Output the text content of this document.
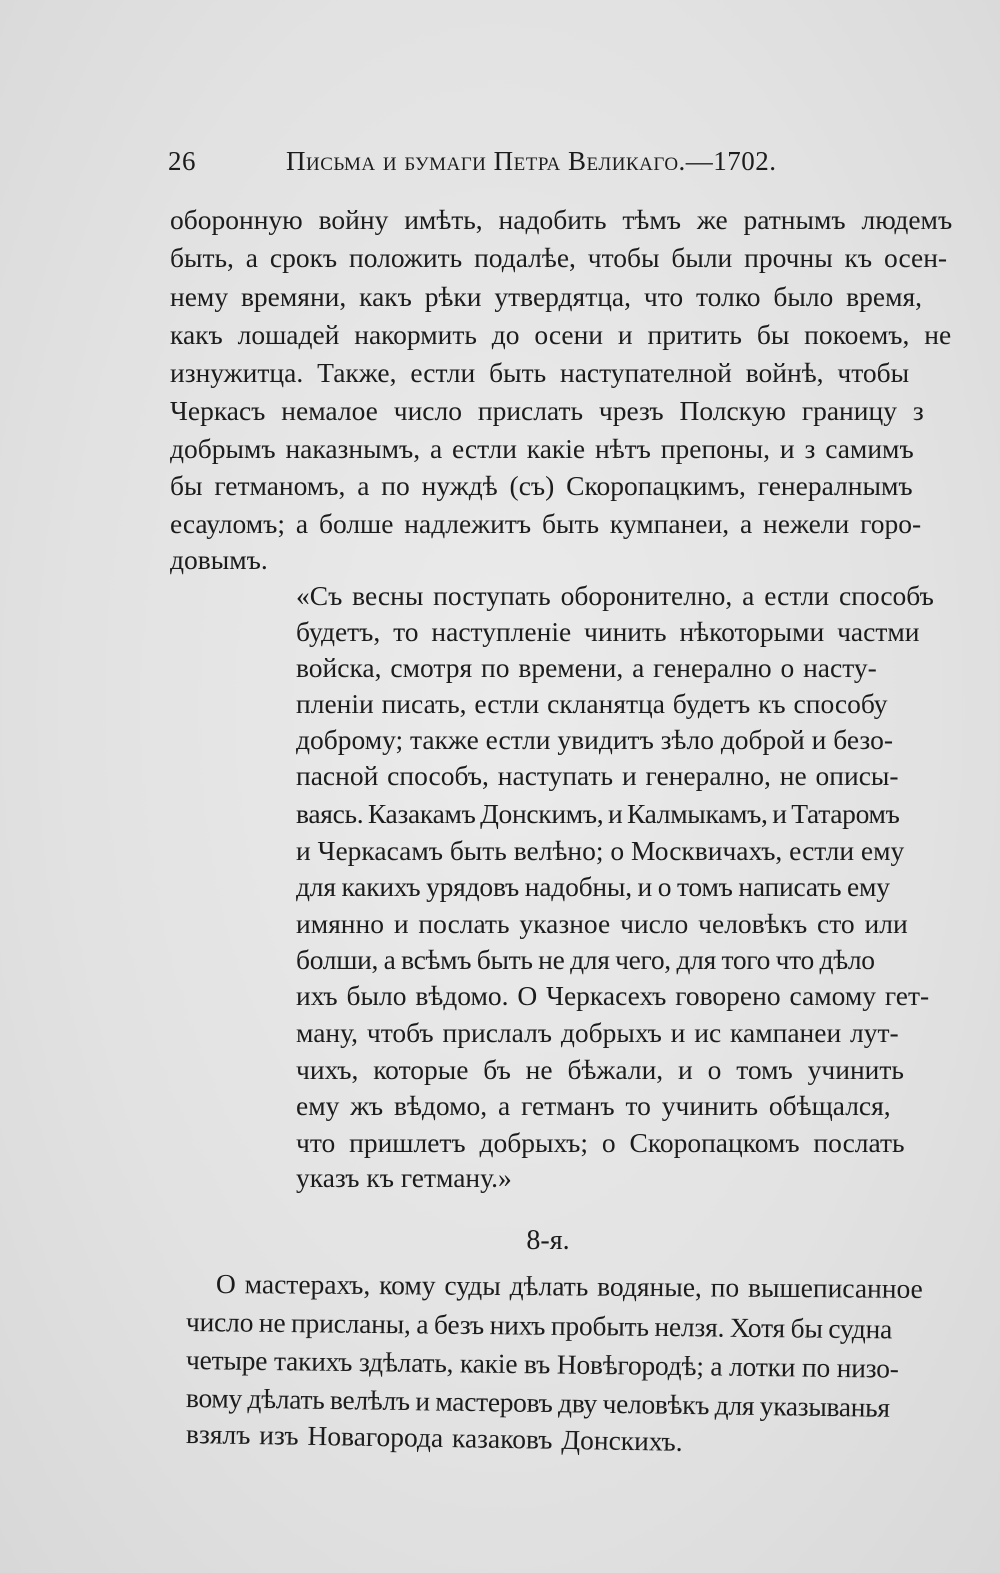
26	Письма и бумаги Петра Великаго.—1702.
оборонную войну имѣть, надобить тѣмъ же ратнымъ людемъ
быть, а срокъ положить подалѣе, чтобы были прочны къ осен-
нему времяни, какъ рѣки утвердятца, что толко было время,
какъ лошадей накормить до осени и притить бы покоемъ, не
изнужитца. Также, естли быть наступателной войнѣ, чтобы
Черкасъ немалое число прислать чрезъ Полскую границу з
добрымъ наказнымъ, а естли какіе нѣтъ препоны, и з самимъ
бы гетманомъ, а по нуждѣ (съ) Скоропацкимъ, генералнымъ
есауломъ; а болше надлежитъ быть кумпанеи, а нежели горо-
довымъ.
«Съ весны поступать оборонително, а естли способъ
будетъ, то наступленіе чинить нѣкоторыми частми
войска, смотря по времени, а генерално о насту-
пленіи писать, естли скланятца будетъ къ способу
доброму; также естли увидитъ зѣло доброй и безо-
пасной способъ, наступать и генерално, не описы-
ваясь. Казакамъ Донскимъ, и Калмыкамъ, и Татаромъ
и Черкасамъ быть велѣно; о Москвичахъ, естли ему
для какихъ урядовъ надобны, и о томъ написать ему
имянно и послать указное число человѣкъ сто или
болши, а всѣмъ быть не для чего, для того что дѣло
ихъ было вѣдомо. О Черкасехъ говорено самому гет-
ману, чтобъ прислалъ добрыхъ и ис кампанеи лут-
чихъ, которые бъ не бѣжали, и о томъ учинить
ему жъ вѣдомо, а гетманъ то учинить обѣщался,
что пришлетъ добрыхъ; о Скоропацкомъ послать
указъ къ гетману.»
8-я.
О мастерахъ, кому суды дѣлать водяные, по вышеписанное
число не присланы, а безъ нихъ пробыть нелзя. Хотя бы судна
четыре такихъ здѣлать, какіе въ Новѣгородѣ; а лотки по низо-
вому дѣлать велѣлъ и мастеровъ дву человѣкъ для указыванья
взялъ изъ Новагорода казаковъ Донскихъ.
